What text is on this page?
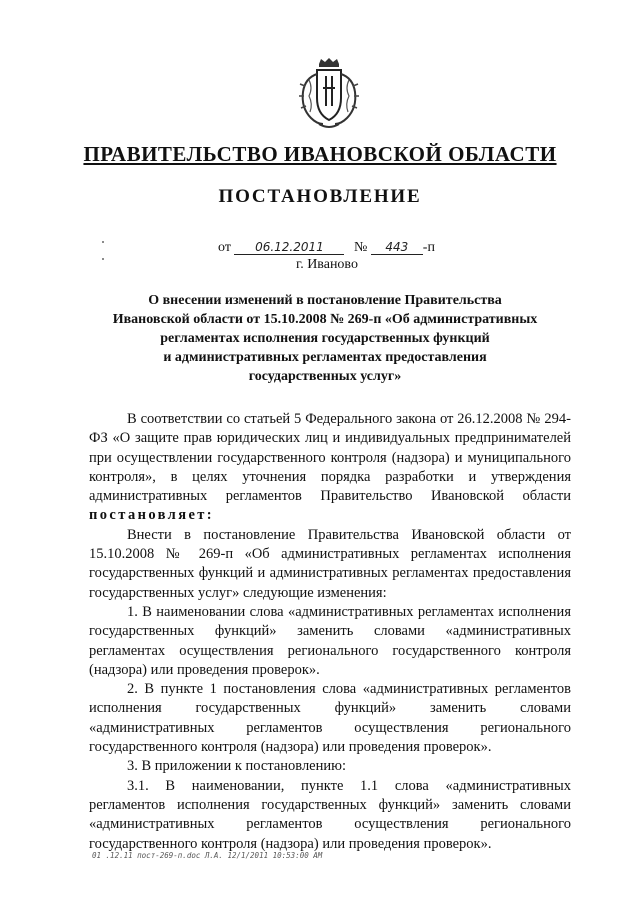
ПРАВИТЕЛЬСТВО ИВАНОВСКОЙ ОБЛАСТИ
ПОСТАНОВЛЕНИЕ
от 06.12.2011 № 443 -п
г. Иваново
О внесении изменений в постановление Правительства
Ивановской области от 15.10.2008 № 269-п «Об административных
регламентах исполнения государственных функций
и административных регламентах предоставления
государственных услуг»

В соответствии со статьей 5 Федерального закона от 26.12.2008 № 294-ФЗ «О защите прав юридических лиц и индивидуальных предпринимателей при осуществлении государственного контроля (надзора) и муниципального контроля», в целях уточнения порядка разработки и утверждения административных регламентов Правительство Ивановской области постановляет:

Внести в постановление Правительства Ивановской области от 15.10.2008 № 269-п «Об административных регламентах исполнения государственных функций и административных регламентах предоставления государственных услуг» следующие изменения:

1. В наименовании слова «административных регламентах исполнения государственных функций» заменить словами «административных регламентах осуществления регионального государственного контроля (надзора) или проведения проверок».

2. В пункте 1 постановления слова «административных регламентов исполнения государственных функций» заменить словами «административных регламентов осуществления регионального государственного контроля (надзора) или проведения проверок».

3. В приложении к постановлению:

3.1. В наименовании, пункте 1.1 слова «административных регламентов исполнения государственных функций» заменить словами «административных регламентов осуществления регионального государственного контроля (надзора) или проведения проверок».

01 .12.11 пост-269-п.doc Л.А. 12/1/2011 10:53:00 AM
